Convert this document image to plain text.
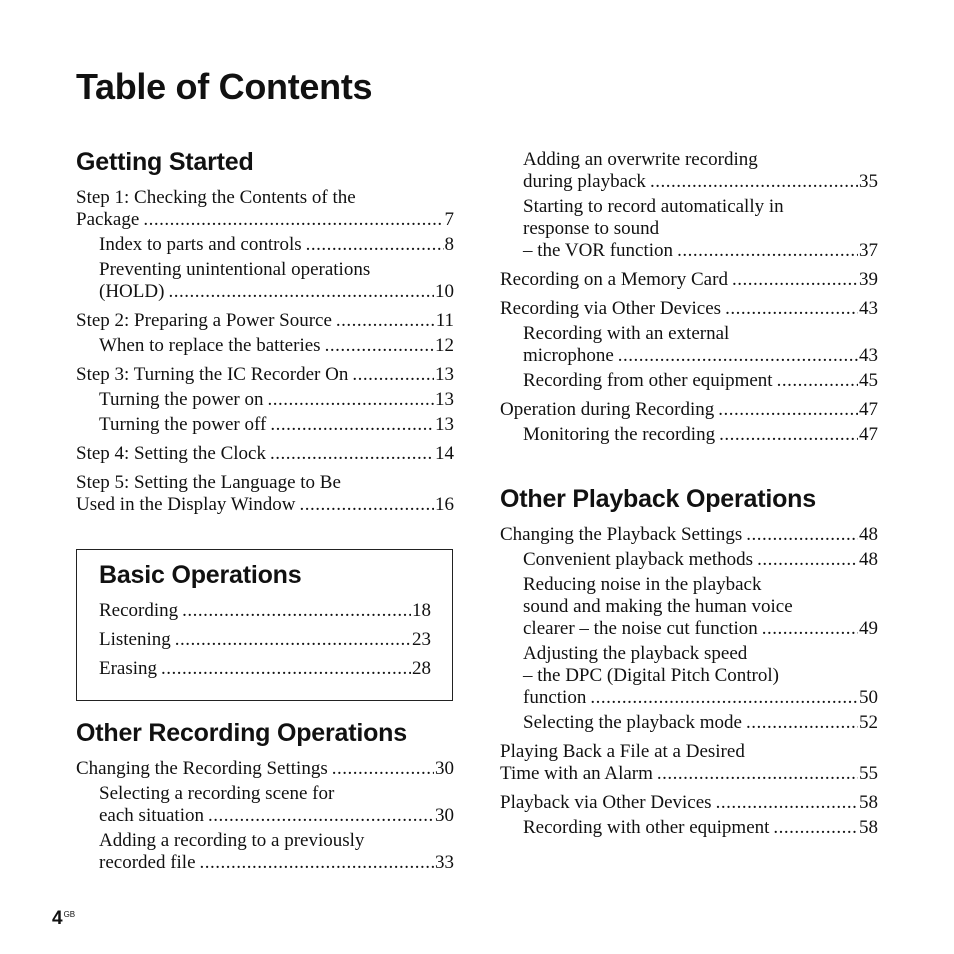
Table of Contents
Getting Started
Step 1: Checking the Contents of the
Package .....	7
Index to parts and controls .....	8
Preventing unintentional operations
(HOLD) .....	10
Step 2: Preparing a Power Source .....	11
When to replace the batteries .....	12
Step 3: Turning the IC Recorder On .....	13
Turning the power on .....	13
Turning the power off .....	13
Step 4: Setting the Clock .....	14
Step 5: Setting the Language to Be
Used in the Display Window .....	16
Basic Operations
Recording .....	18
Listening .....	23
Erasing .....	28
Other Recording Operations
Changing the Recording Settings .....	30
Selecting a recording scene for
each situation .....	30
Adding a recording to a previously
recorded file .....	33
Adding an overwrite recording
during playback .....	35
Starting to record automatically in
response to sound
– the VOR function .....	37
Recording on a Memory Card .....	39
Recording via Other Devices .....	43
Recording with an external
microphone .....	43
Recording from other equipment .....	45
Operation during Recording .....	47
Monitoring the recording .....	47
Other Playback Operations
Changing the Playback Settings .....	48
Convenient playback methods .....	48
Reducing noise in the playback
sound and making the human voice
clearer – the noise cut function .....	49
Adjusting the playback speed
– the DPC (Digital Pitch Control)
function .....	50
Selecting the playback mode .....	52
Playing Back a File at a Desired
Time with an Alarm .....	55
Playback via Other Devices .....	58
Recording with other equipment .....	58
$4^{GB}$
